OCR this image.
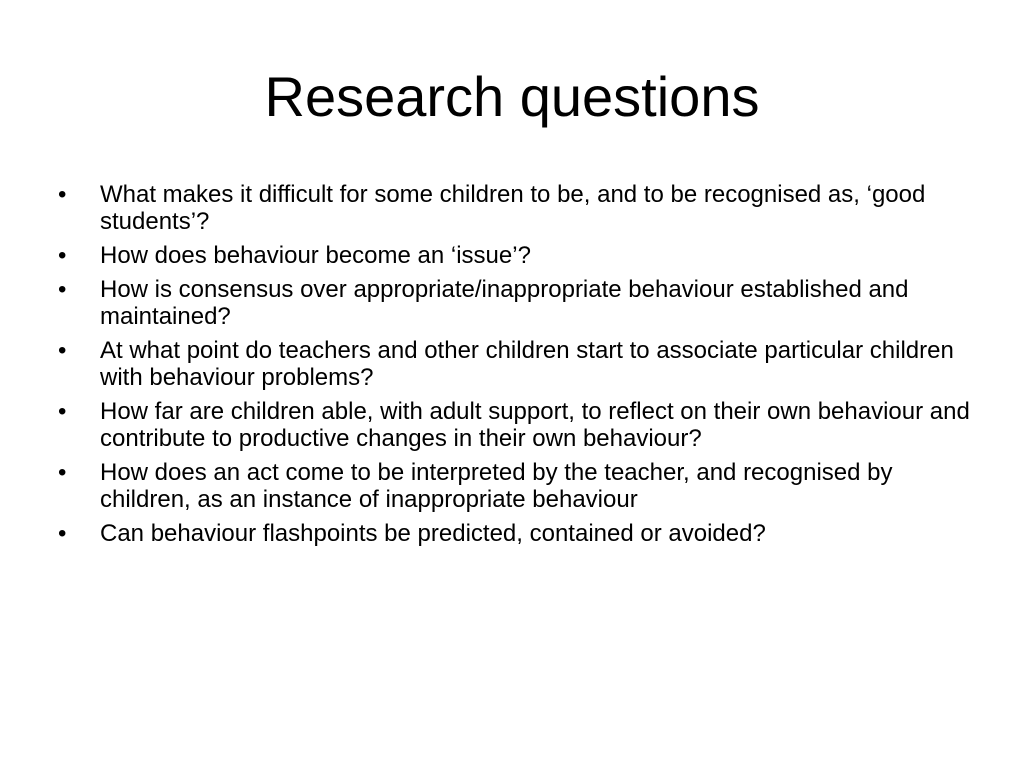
Research questions
•	What makes it difficult for some children to be, and to be recognised as, ‘good students’?
•	How does behaviour become an ‘issue’?
•	How is consensus over appropriate/inappropriate behaviour established and maintained?
•	At what point do teachers and other children start to associate particular children with behaviour problems?
•	How far are children able, with adult support, to reflect on their own behaviour and contribute to productive changes in their own behaviour?
•	How does an act come to be interpreted by the teacher, and recognised by children, as an instance of inappropriate behaviour
•	Can behaviour flashpoints be predicted, contained or avoided?
